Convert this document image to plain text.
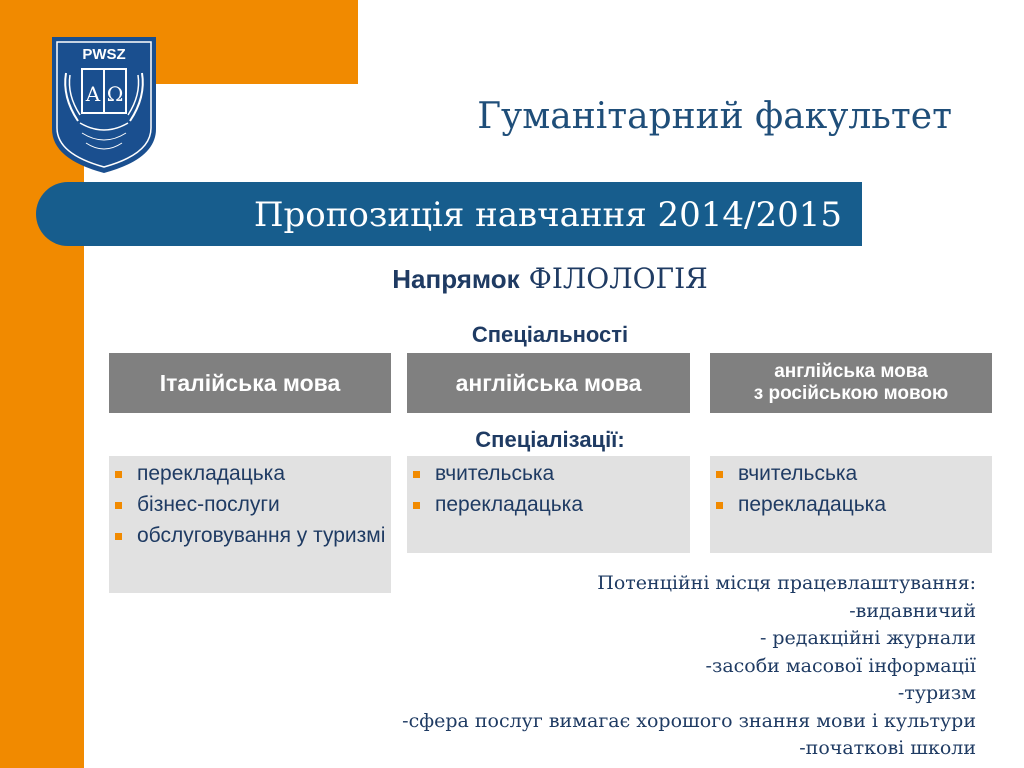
PWSZ
Α Ω
Гуманітарний факультет
Пропозиція навчання 2014/2015
Напрямок ФІЛОЛОГІЯ
Спеціальності
Італійська мова	англійська мова	англійська мова
з російською мовою
Спеціалізації:
перекладацька
бізнес-послуги
обслуговування у туризмі
вчительська
перекладацька
вчительська
перекладацька
Потенційні місця працевлаштування:
-видавничий
- редакційні журнали
-засоби масової інформації
-туризм
-сфера послуг вимагає хорошого знання мови і культури
-початкові школи
